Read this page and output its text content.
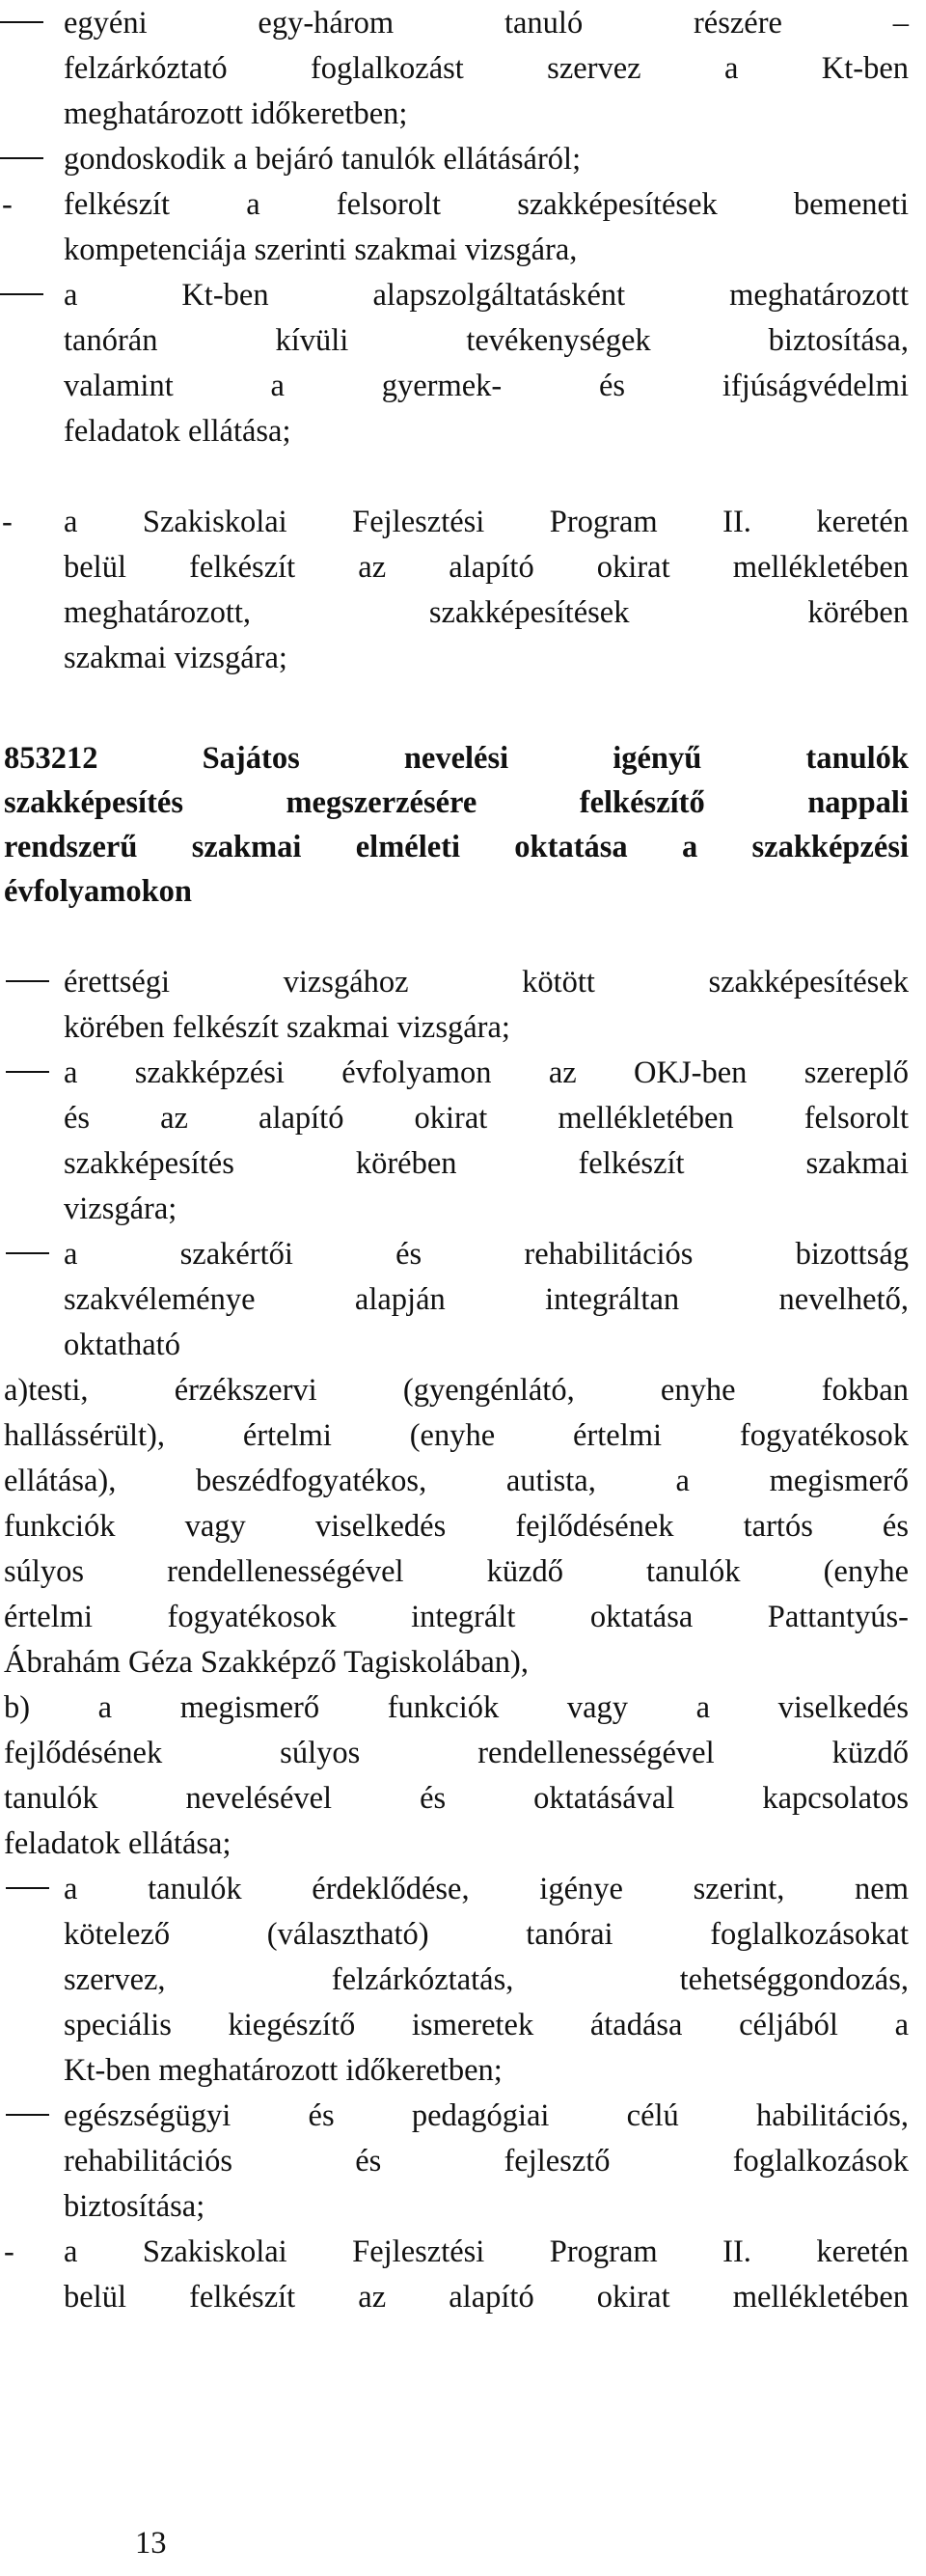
egyéni egy-három tanuló részére –
felzárkóztató foglalkozást szervez a Kt-ben
meghatározott időkeretben;
gondoskodik a bejáró tanulók ellátásáról;
- felkészít a felsorolt szakképesítések bemeneti
kompetenciája szerinti szakmai vizsgára,
a Kt-ben alapszolgáltatásként meghatározott
tanórán kívüli tevékenységek biztosítása,
valamint a gyermek- és ifjúságvédelmi
feladatok ellátása;
- a Szakiskolai Fejlesztési Program II. keretén
belül felkészít az alapító okirat mellékletében
meghatározott, szakképesítések körében
szakmai vizsgára;
853212 Sajátos nevelési igényű tanulók
szakképesítés megszerzésére felkészítő nappali
rendszerű szakmai elméleti oktatása a szakképzési
évfolyamokon
érettségi vizsgához kötött szakképesítések
körében felkészít szakmai vizsgára;
a szakképzési évfolyamon az OKJ-ben szereplő
és az alapító okirat mellékletében felsorolt
szakképesítés körében felkészít szakmai
vizsgára;
a szakértői és rehabilitációs bizottság
szakvéleménye alapján integráltan nevelhető,
oktatható
a)testi, érzékszervi (gyengénlátó, enyhe fokban
hallássérült), értelmi (enyhe értelmi fogyatékosok
ellátása), beszédfogyatékos, autista, a megismerő
funkciók vagy viselkedés fejlődésének tartós és
súlyos rendellenességével küzdő tanulók (enyhe
értelmi fogyatékosok integrált oktatása Pattantyús-
Ábrahám Géza Szakképző Tagiskolában),
b) a megismerő funkciók vagy a viselkedés
fejlődésének súlyos rendellenességével küzdő
tanulók nevelésével és oktatásával kapcsolatos
feladatok ellátása;
a tanulók érdeklődése, igénye szerint, nem
kötelező (választható) tanórai foglalkozásokat
szervez, felzárkóztatás, tehetséggondozás,
speciális kiegészítő ismeretek átadása céljából a
Kt-ben meghatározott időkeretben;
egészségügyi és pedagógiai célú habilitációs,
rehabilitációs és fejlesztő foglalkozások
biztosítása;
- a Szakiskolai Fejlesztési Program II. keretén
belül felkészít az alapító okirat mellékletében
13
